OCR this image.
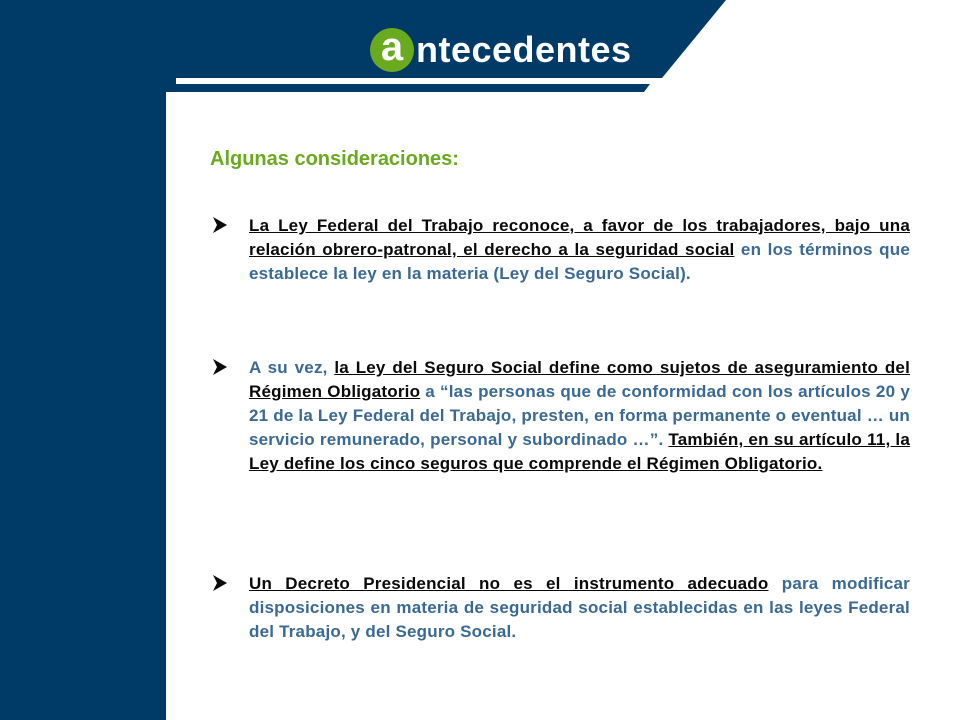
a ntecedentes
Algunas consideraciones:
La Ley Federal del Trabajo reconoce, a favor de los trabajadores, bajo una relación obrero-patronal, el derecho a la seguridad social en los términos que establece la ley en la materia (Ley del Seguro Social).
A su vez, la Ley del Seguro Social define como sujetos de aseguramiento del Régimen Obligatorio a “las personas que de conformidad con los artículos 20 y 21 de la Ley Federal del Trabajo, presten, en forma permanente o eventual … un servicio remunerado, personal y subordinado …”. También, en su artículo 11, la Ley define los cinco seguros que comprende el Régimen Obligatorio.
Un Decreto Presidencial no es el instrumento adecuado para modificar disposiciones en materia de seguridad social establecidas en las leyes Federal del Trabajo, y del Seguro Social.
